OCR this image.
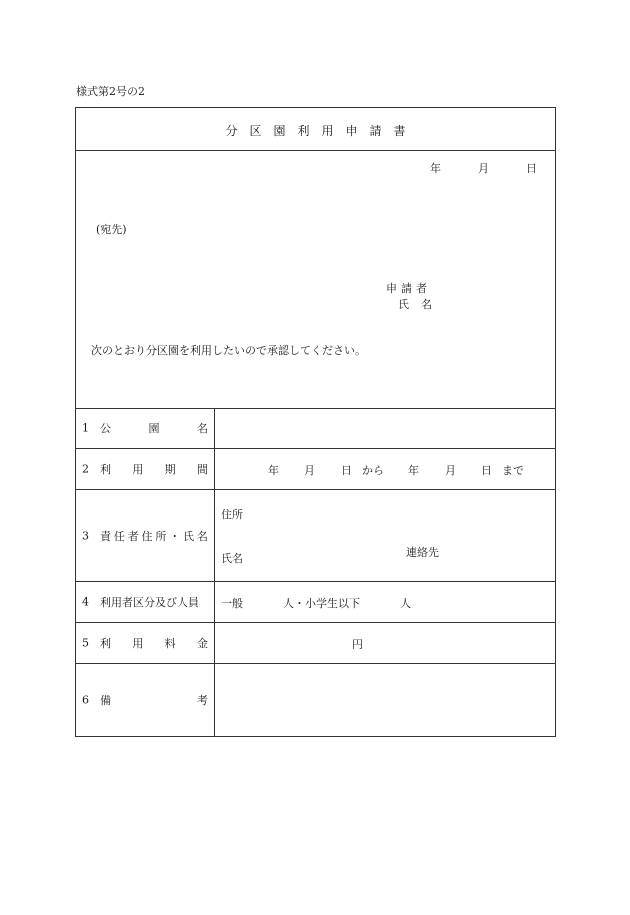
様式第2号の2
分区園利用申請書
年	月	日
(宛先)
申請者
氏名
次のとおり分区園を利用したいので承認してください。
1 公	園	名
2 利 用 期 間	年 月 日 から 年 月 日 まで
3 責 任 者 住 所 ・ 氏 名
住所
氏名	連絡先
4 利用者区分及び人員	一般	人・小学生以下	人
5 利 用 料 金	円
6 備	考
